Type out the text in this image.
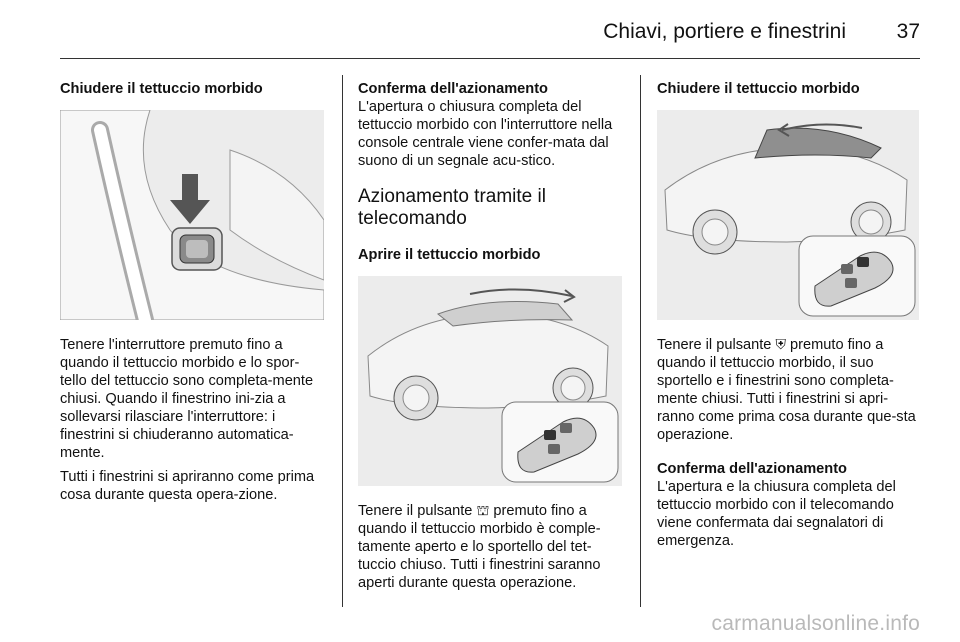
Chiavi, portiere e finestrini 37
Chiudere il tettuccio morbido

Tenere l'interruttore premuto fino a quando il tettuccio morbido e lo spor-tello del tettuccio sono completa-mente chiusi. Quando il finestrino ini-zia a sollevarsi rilasciare l'interruttore: i finestrini si chiuderanno automatica-mente.

Tutti i finestrini si apriranno come prima cosa durante questa opera-zione.

Conferma dell'azionamento

L'apertura o chiusura completa del tettuccio morbido con l'interruttore nella console centrale viene confer-mata dal suono di un segnale acu-stico.

Azionamento tramite il telecomando
Aprire il tettuccio morbido

Tenere il pulsante ⛫ premuto fino a quando il tettuccio morbido è comple-tamente aperto e lo sportello del tet-tuccio chiuso. Tutti i finestrini saranno aperti durante questa operazione.

Chiudere il tettuccio morbido

Tenere il pulsante ⛨ premuto fino a quando il tettuccio morbido, il suo sportello e i finestrini sono completa-mente chiusi. Tutti i finestrini si apri-ranno come prima cosa durante que-sta operazione.

Conferma dell'azionamento

L'apertura e la chiusura completa del tettuccio morbido con il telecomando viene confermata dai segnalatori di emergenza.

carmanualsonline.info
